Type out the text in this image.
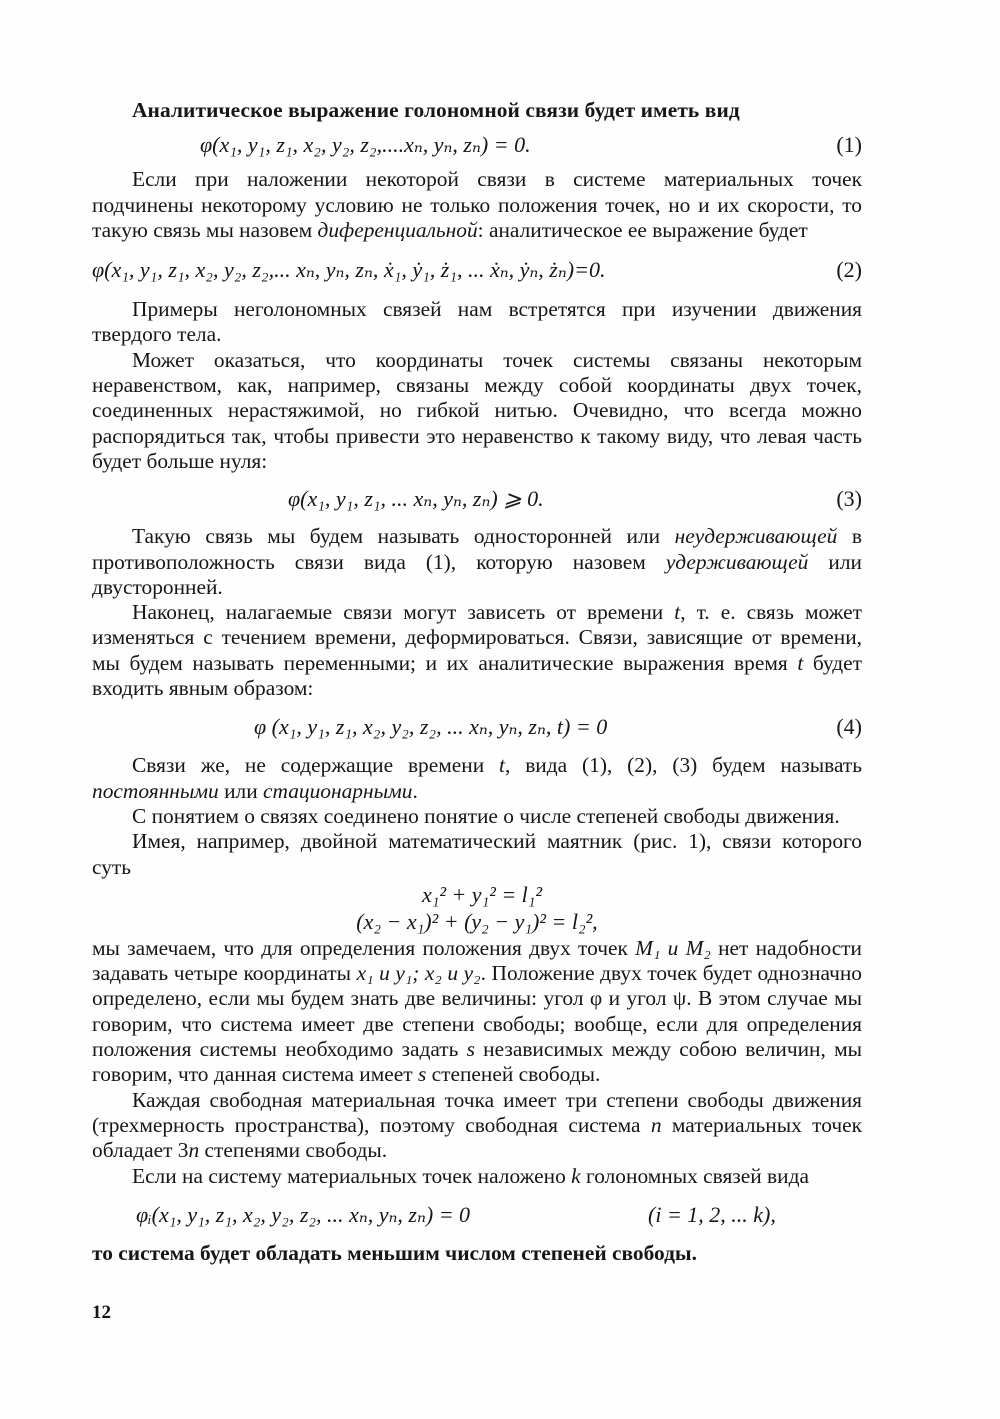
Аналитическое выражение голономной связи будет иметь вид

φ(x₁, y₁, z₁, x₂, y₂, z₂,....xₙ, yₙ, zₙ) = 0.	(1)

Если при наложении некоторой связи в системе материальных точек подчинены некоторому условию не только положения точек, но и их скорости, то такую связь мы назовем диференциальной: аналитическое ее выражение будет

φ(x₁, y₁, z₁, x₂, y₂, z₂,... xₙ, yₙ, zₙ, ẋ₁, ẏ₁, ż₁, ... ẋₙ, ẏₙ, żₙ)=0.	(2)

Примеры неголономных связей нам встретятся при изучении движения твердого тела.

Может оказаться, что координаты точек системы связаны некоторым неравенством, как, например, связаны между собой координаты двух точек, соединенных нерастяжимой, но гибкой нитью. Очевидно, что всегда можно распорядиться так, чтобы привести это неравенство к такому виду, что левая часть будет больше нуля:

φ(x₁, y₁, z₁, ... xₙ, yₙ, zₙ) ⩾ 0.	(3)

Такую связь мы будем называть односторонней или неудерживающей в противоположность связи вида (1), которую назовем удерживающей или двусторонней.

Наконец, налагаемые связи могут зависеть от времени t, т. е. связь может изменяться с течением времени, деформироваться. Связи, зависящие от времени, мы будем называть переменными; и их аналитические выражения время t будет входить явным образом:

φ (x₁, y₁, z₁, x₂, y₂, z₂, ... xₙ, yₙ, zₙ, t) = 0	(4)

Связи же, не содержащие времени t, вида (1), (2), (3) будем называть постоянными или стационарными.

С понятием о связях соединено понятие о числе степеней свободы движения.

Имея, например, двойной математический маятник (рис. 1), связи которого суть

x₁² + y₁² = l₁²
(x₂ − x₁)² + (y₂ − y₁)² = l₂²,

мы замечаем, что для определения положения двух точек M₁ и M₂ нет надобности задавать четыре координаты x₁ и y₁; x₂ и y₂. Положение двух точек будет однозначно определено, если мы будем знать две величины: угол φ и угол ψ. В этом случае мы говорим, что система имеет две степени свободы; вообще, если для определения положения системы необходимо задать s независимых между собою величин, мы говорим, что данная система имеет s степеней свободы.

Каждая свободная материальная точка имеет три степени свободы движения (трехмерность пространства), поэтому свободная система n материальных точек обладает 3n степенями свободы.

Если на систему материальных точек наложено k голономных связей вида

φᵢ(x₁, y₁, z₁, x₂, y₂, z₂, ... xₙ, yₙ, zₙ) = 0	(i = 1, 2, ... k),

то система будет обладать меньшим числом степеней свободы.

12
